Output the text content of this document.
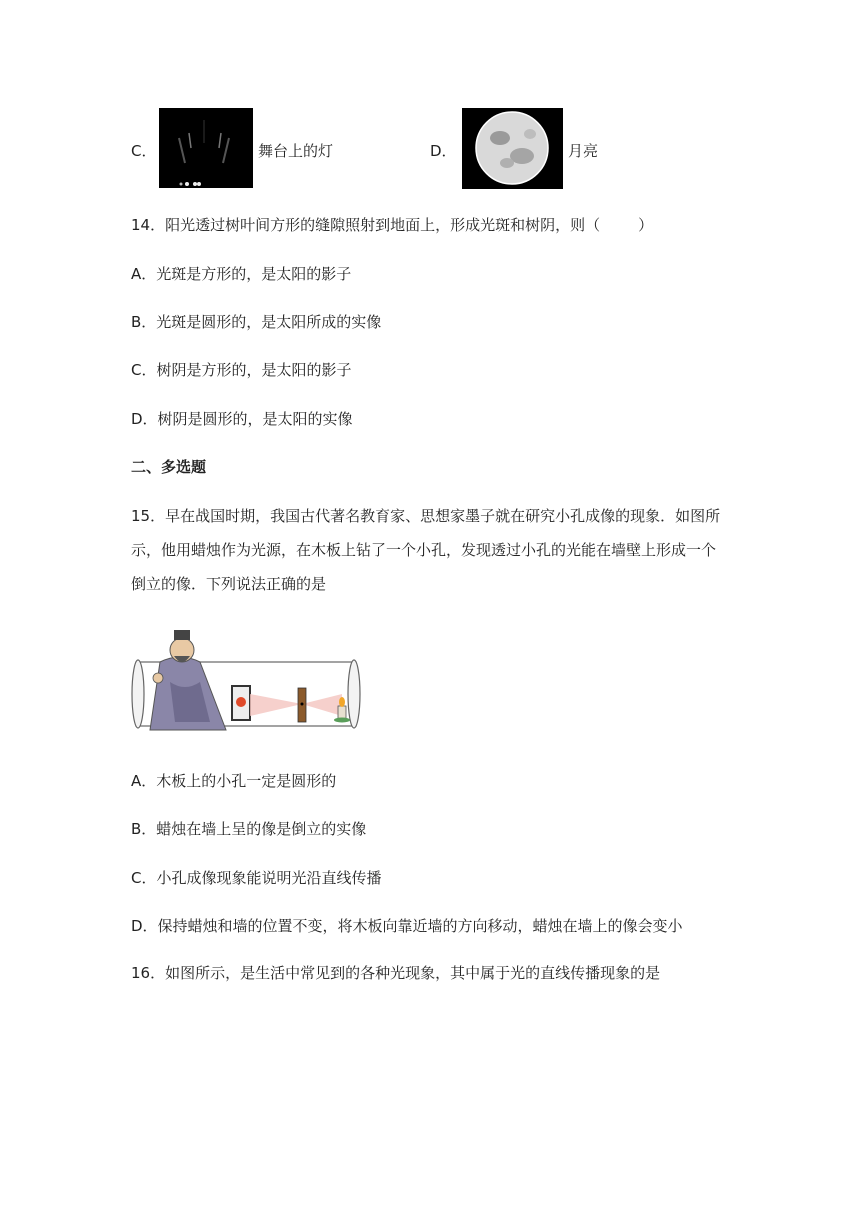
C．	舞台上的灯	D．	月亮
14．阳光透过树叶间方形的缝隙照射到地面上，形成光斑和树阴，则（	）
A．光斑是方形的，是太阳的影子
B．光斑是圆形的，是太阳所成的实像
C．树阴是方形的，是太阳的影子
D．树阴是圆形的，是太阳的实像
二、多选题
15．早在战国时期，我国古代著名教育家、思想家墨子就在研究小孔成像的现象．如图所
示，他用蜡烛作为光源，在木板上钻了一个小孔，发现透过小孔的光能在墙壁上形成一个
倒立的像．下列说法正确的是
A．木板上的小孔一定是圆形的
B．蜡烛在墙上呈的像是倒立的实像
C．小孔成像现象能说明光沿直线传播
D．保持蜡烛和墙的位置不变，将木板向靠近墙的方向移动，蜡烛在墙上的像会变小
16．如图所示，是生活中常见到的各种光现象，其中属于光的直线传播现象的是
